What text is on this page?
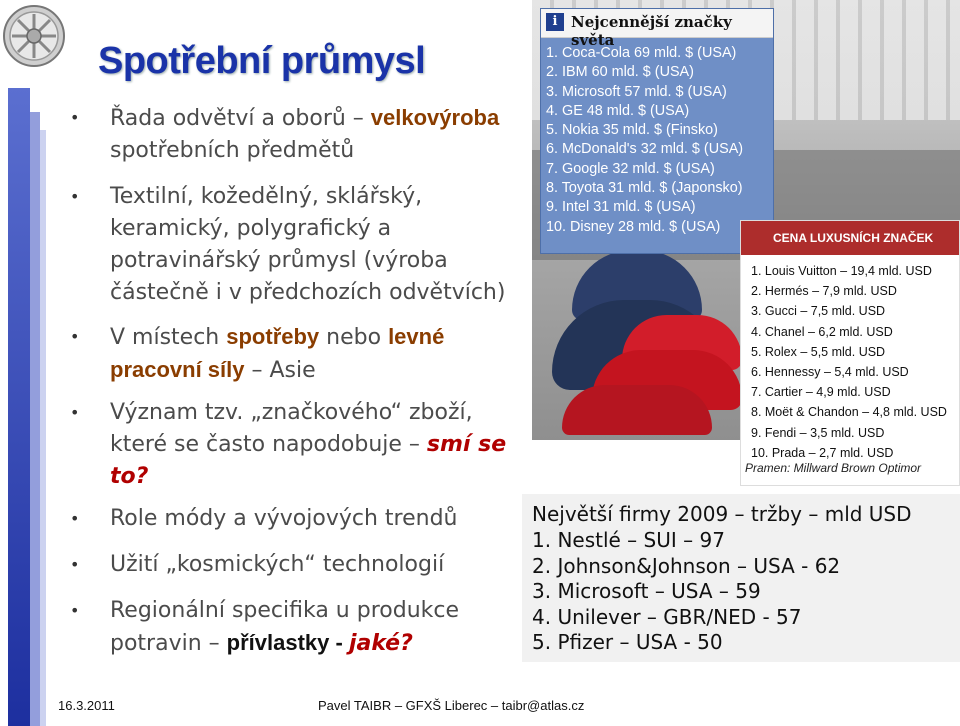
Spotřební průmysl
• Řada odvětví a oborů – velkovýroba spotřebních předmětů
• Textilní, kožedělný, sklářský, keramický, polygrafický a potravinářský průmysl (výroba částečně i v předchozích odvětvích)
• V místech spotřeby nebo levné pracovní síly – Asie
• Význam tzv. „značkového“ zboží, které se často napodobuje – smí se to?
• Role módy a vývojových trendů
• Užití „kosmických“ technologií
• Regionální specifika u produkce potravin – přívlastky - jaké?
i Nejcennější značky světa
1. Coca-Cola 69 mld. $ (USA)
2. IBM 60 mld. $ (USA)
3. Microsoft 57 mld. $ (USA)
4. GE 48 mld. $ (USA)
5. Nokia 35 mld. $ (Finsko)
6. McDonald's 32 mld. $ (USA)
7. Google 32 mld. $ (USA)
8. Toyota 31 mld. $ (Japonsko)
9. Intel 31 mld. $ (USA)
10. Disney 28 mld. $ (USA)
CENA LUXUSNÍCH ZNAČEK
1. Louis Vuitton – 19,4 mld. USD
2. Hermés – 7,9 mld. USD
3. Gucci – 7,5 mld. USD
4. Chanel – 6,2 mld. USD
5. Rolex – 5,5 mld. USD
6. Hennessy – 5,4 mld. USD
7. Cartier – 4,9 mld. USD
8. Moët & Chandon – 4,8 mld. USD
9. Fendi – 3,5 mld. USD
10. Prada – 2,7 mld. USD
Pramen: Millward Brown Optimor
Největší firmy 2009 – tržby – mld USD
1. Nestlé – SUI – 97
2. Johnson&Johnson – USA - 62
3. Microsoft – USA – 59
4. Unilever – GBR/NED - 57
5. Pfizer – USA - 50
16.3.2011	Pavel TAIBR – GFXŠ Liberec – taibr@atlas.cz
